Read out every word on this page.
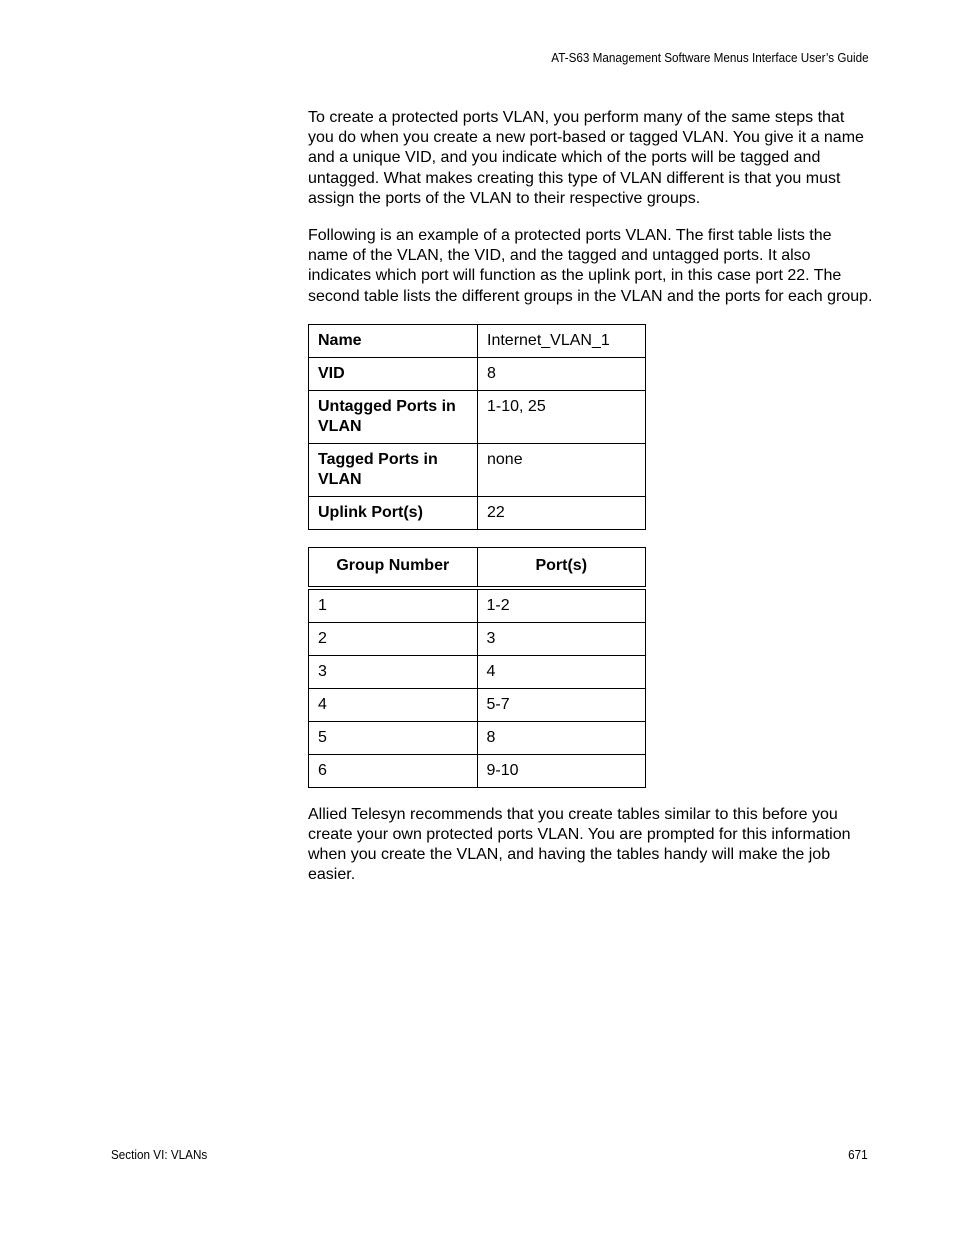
AT-S63 Management Software Menus Interface User’s Guide

To create a protected ports VLAN, you perform many of the same steps that you do when you create a new port-based or tagged VLAN. You give it a name and a unique VID, and you indicate which of the ports will be tagged and untagged. What makes creating this type of VLAN different is that you must assign the ports of the VLAN to their respective groups.

Following is an example of a protected ports VLAN. The first table lists the name of the VLAN, the VID, and the tagged and untagged ports. It also indicates which port will function as the uplink port, in this case port 22. The second table lists the different groups in the VLAN and the ports for each group.

Name	Internet_VLAN_1
VID	8
Untagged Ports in VLAN	1-10, 25
Tagged Ports in VLAN	none
Uplink Port(s)	22
Group Number	Port(s)
1	1-2
2	3
3	4
4	5-7
5	8
6	9-10

Allied Telesyn recommends that you create tables similar to this before you create your own protected ports VLAN. You are prompted for this information when you create the VLAN, and having the tables handy will make the job easier.

Section VI: VLANs	671
